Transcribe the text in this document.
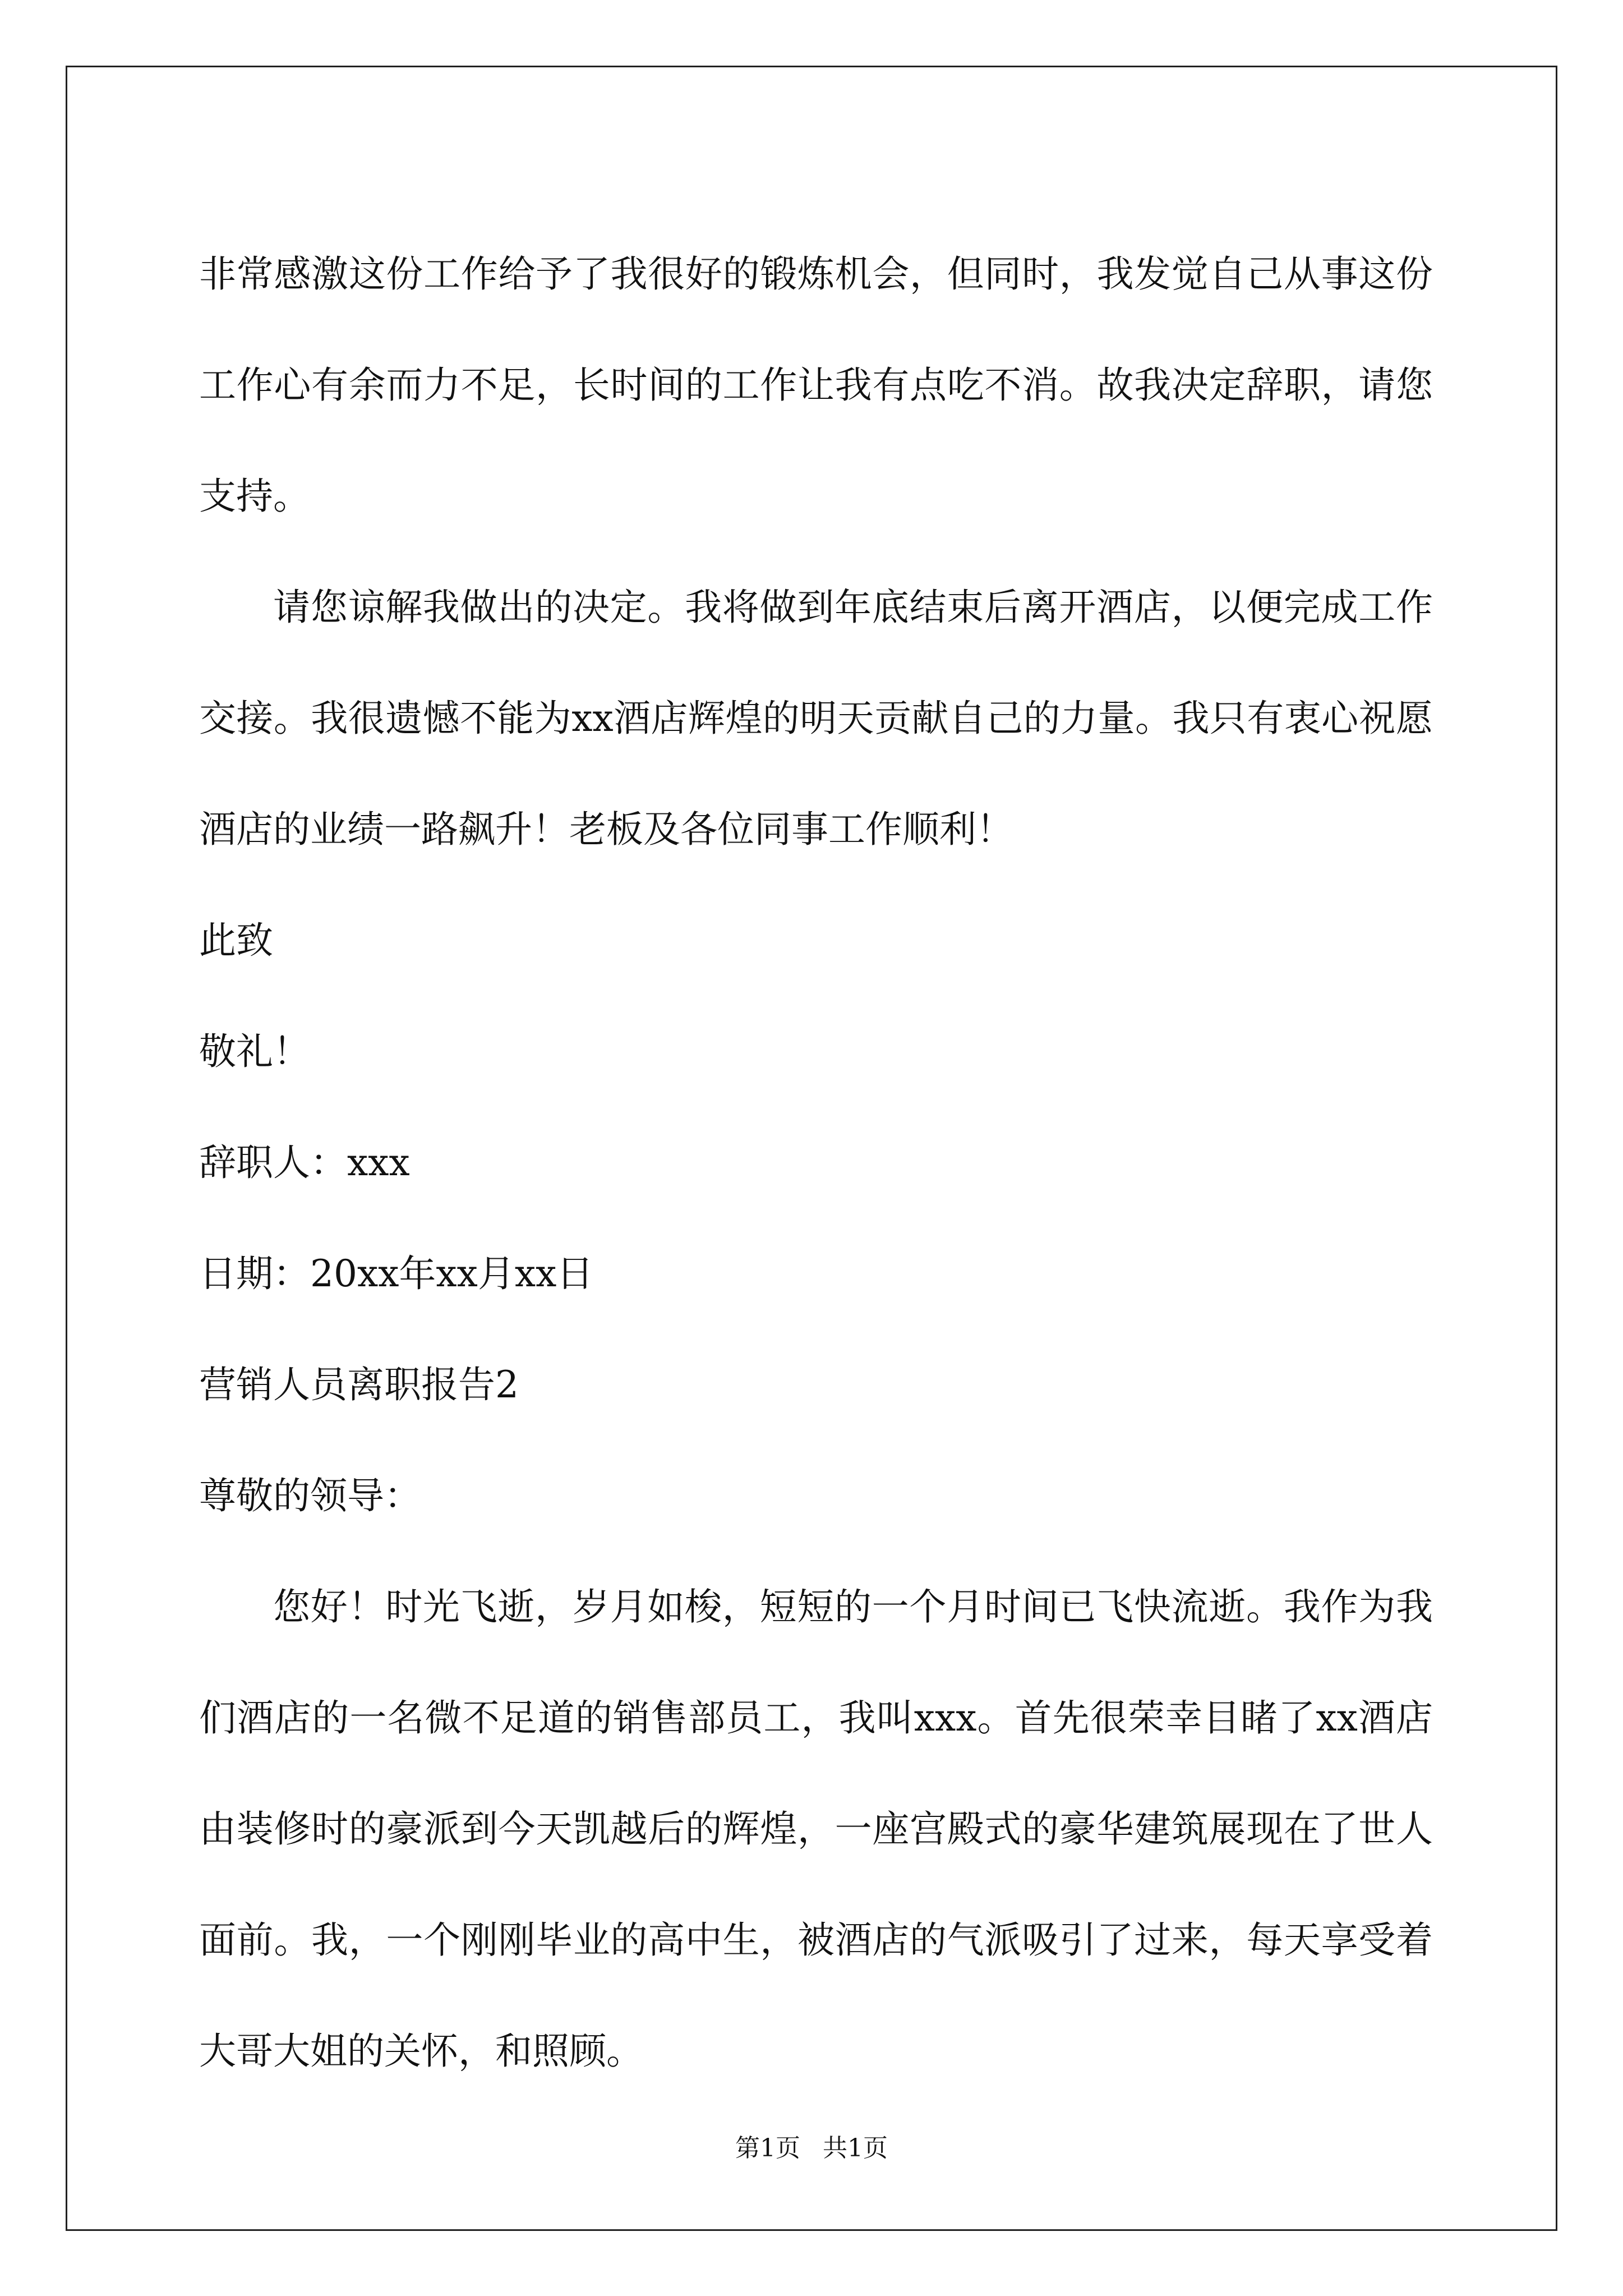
非常感激这份工作给予了我很好的锻炼机会，但同时，我发觉自己从事这份工作心有余而力不足，长时间的工作让我有点吃不消。故我决定辞职，请您支持。

请您谅解我做出的决定。我将做到年底结束后离开酒店，以便完成工作交接。我很遗憾不能为xx酒店辉煌的明天贡献自己的力量。我只有衷心祝愿酒店的业绩一路飙升！老板及各位同事工作顺利！

此致

敬礼！

辞职人：xxx

日期：20xx年xx月xx日

营销人员离职报告2

尊敬的领导：

您好！时光飞逝，岁月如梭，短短的一个月时间已飞快流逝。我作为我们酒店的一名微不足道的销售部员工，我叫xxx。首先很荣幸目睹了xx酒店由装修时的豪派到今天凯越后的辉煌，一座宫殿式的豪华建筑展现在了世人面前。我，一个刚刚毕业的高中生，被酒店的气派吸引了过来，每天享受着大哥大姐的关怀，和照顾。

第1页 共1页
